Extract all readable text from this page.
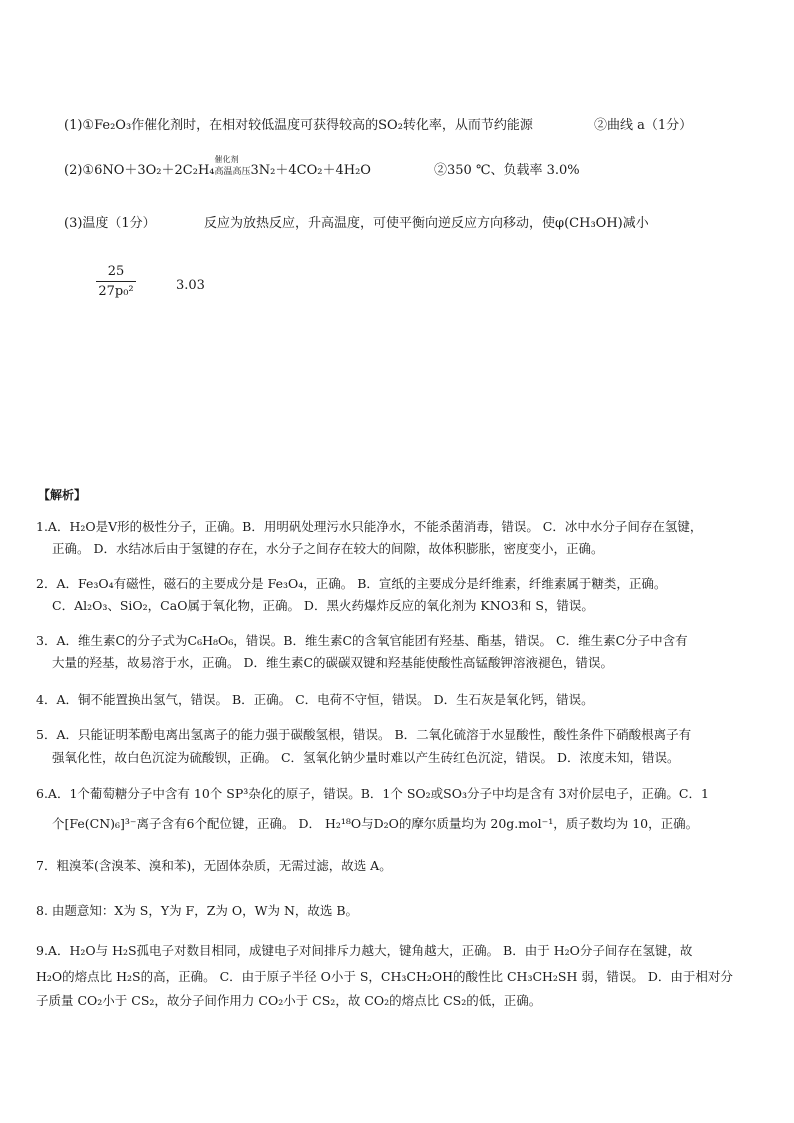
(1)①Fe₂O₃作催化剂时，在相对较低温度可获得较高的SO₂转化率，从而节约能源	②曲线 a（1分）
(2)①6NO＋3O₂＋2C₂H₄
催化剂
高温高压3N₂＋4CO₂＋4H₂O	②350 ℃、负载率 3.0%
(3)温度（1分）	反应为放热反应，升高温度，可使平衡向逆反应方向移动，使φ(CH₃OH)减小
25
27p₀²	3.03
【解析】
1.A．H₂O是V形的极性分子，正确。B．用明矾处理污水只能净水，不能杀菌消毒，错误。 C．冰中水分子间存在氢键，
正确。 D．水结冰后由于氢键的存在，水分子之间存在较大的间隙，故体积膨胀，密度变小，正确。
2．A．Fe₃O₄有磁性，磁石的主要成分是 Fe₃O₄，正确。 B．宣纸的主要成分是纤维素，纤维素属于糖类，正确。
C．Al₂O₃、SiO₂，CaO属于氧化物，正确。 D．黑火药爆炸反应的氧化剂为 KNO3和 S，错误。
3．A．维生素C的分子式为C₆H₈O₆，错误。B．维生素C的含氧官能团有羟基、酯基，错误。 C．维生素C分子中含有
大量的羟基，故易溶于水，正确。 D．维生素C的碳碳双键和羟基能使酸性高锰酸钾溶液褪色，错误。
4．A．铜不能置换出氢气，错误。 B．正确。 C．电荷不守恒，错误。 D．生石灰是氧化钙，错误。
5．A．只能证明苯酚电离出氢离子的能力强于碳酸氢根，错误。 B．二氧化硫溶于水显酸性，酸性条件下硝酸根离子有
强氧化性，故白色沉淀为硫酸钡，正确。 C．氢氧化钠少量时难以产生砖红色沉淀，错误。 D．浓度未知，错误。
6.A．1个葡萄糖分子中含有 10个 SP³杂化的原子，错误。B．1个 SO₂或SO₃分子中均是含有 3对价层电子，正确。C．1
个[Fe(CN)₆]³⁻离子含有6个配位键，正确。 D． H₂¹⁸O与D₂O的摩尔质量均为 20g.mol⁻¹，质子数均为 10，正确。
7．粗溴苯(含溴苯、溴和苯)，无固体杂质，无需过滤，故选 A。
8. 由题意知：X为 S，Y为 F，Z为 O，W为 N，故选 B。
9.A．H₂O与 H₂S孤电子对数目相同，成键电子对间排斥力越大，键角越大，正确。 B．由于 H₂O分子间存在氢键，故
H₂O的熔点比 H₂S的高，正确。 C．由于原子半径 O小于 S，CH₃CH₂OH的酸性比 CH₃CH₂SH 弱，错误。 D．由于相对分
子质量 CO₂小于 CS₂，故分子间作用力 CO₂小于 CS₂，故 CO₂的熔点比 CS₂的低，正确。
